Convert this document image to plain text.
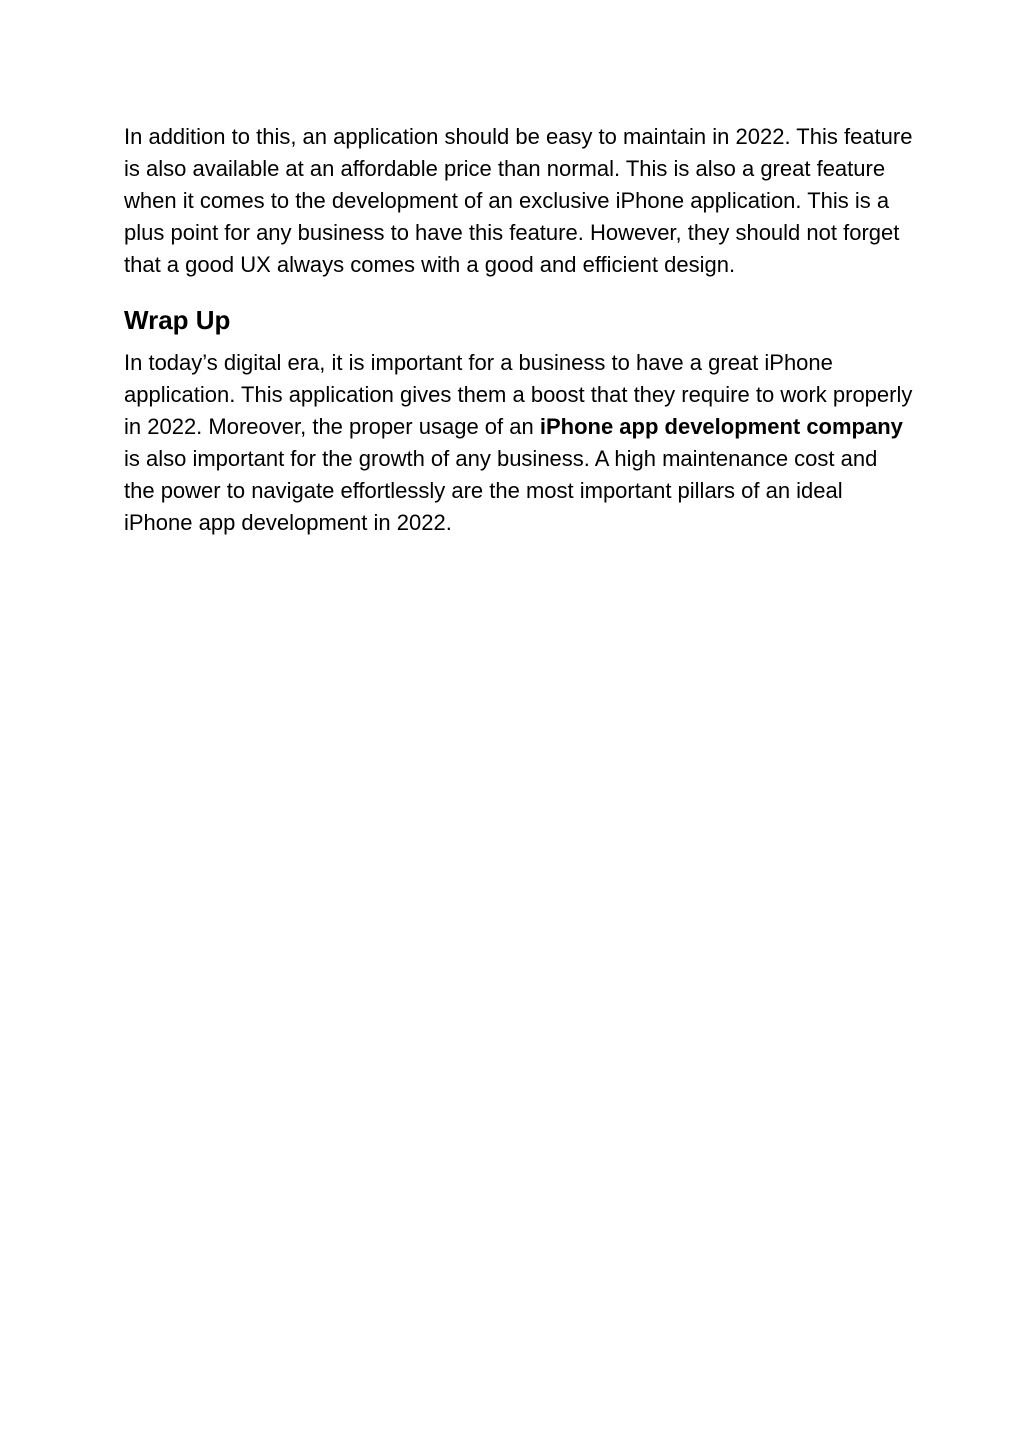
In addition to this, an application should be easy to maintain in 2022. This feature is also available at an affordable price than normal. This is also a great feature when it comes to the development of an exclusive iPhone application. This is a plus point for any business to have this feature. However, they should not forget that a good UX always comes with a good and efficient design.

Wrap Up

In today’s digital era, it is important for a business to have a great iPhone application. This application gives them a boost that they require to work properly in 2022. Moreover, the proper usage of an iPhone app development company is also important for the growth of any business. A high maintenance cost and the power to navigate effortlessly are the most important pillars of an ideal iPhone app development in 2022.
